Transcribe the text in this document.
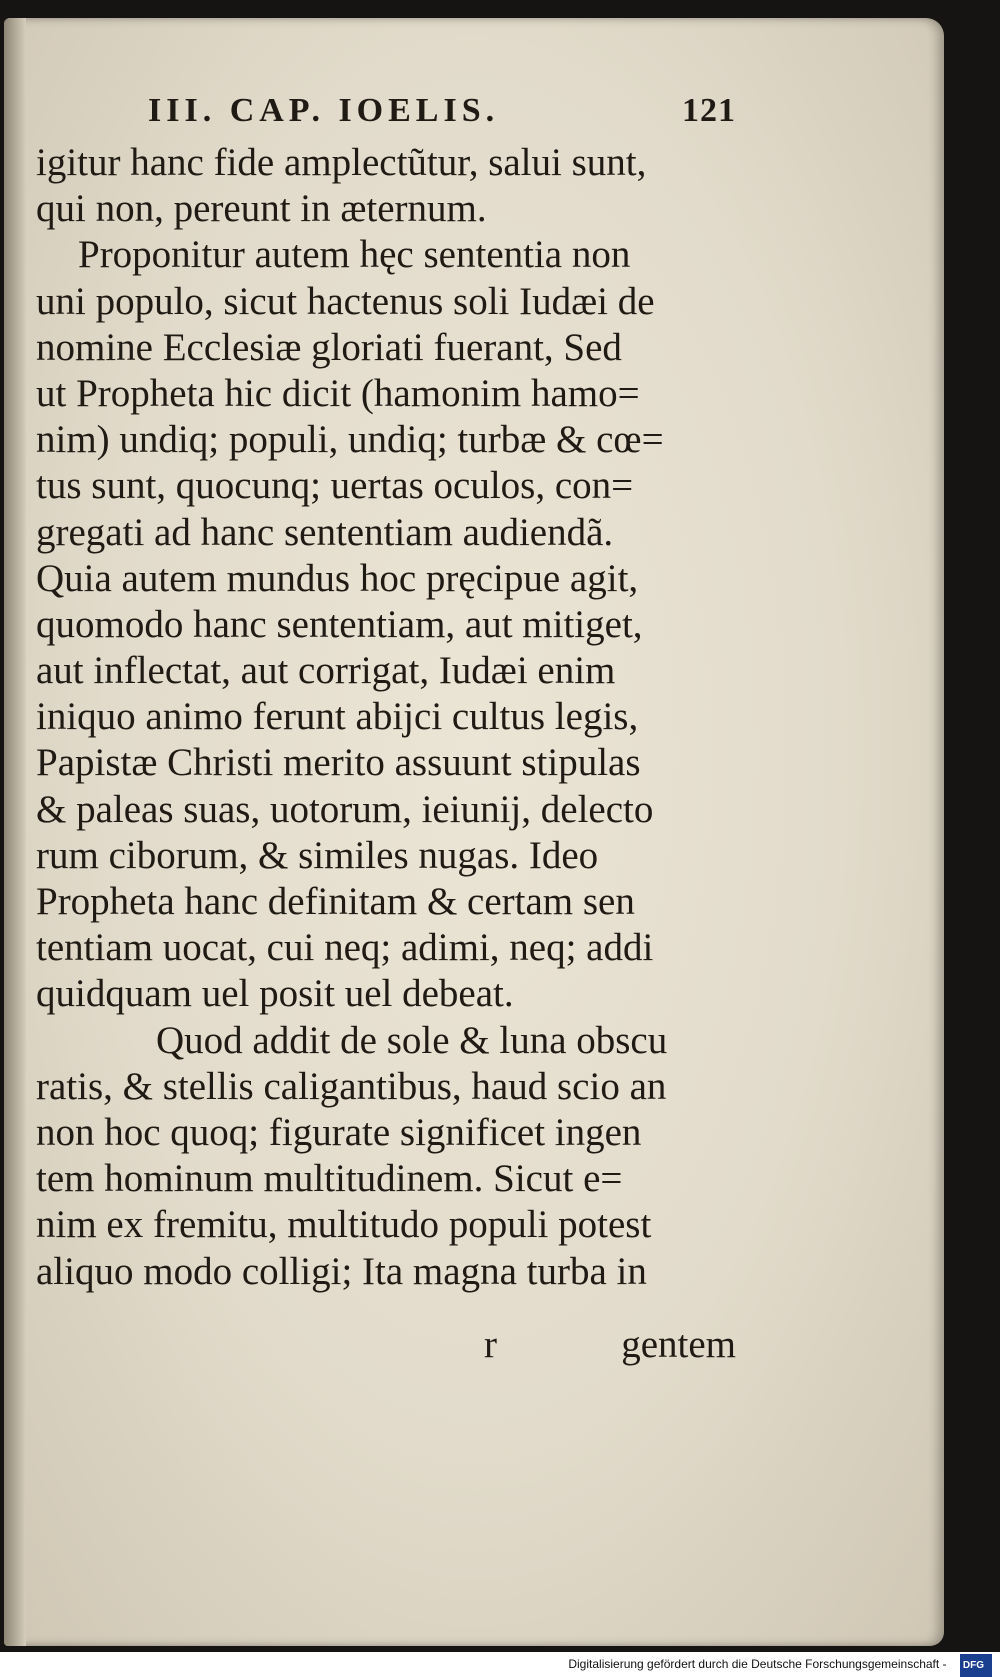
III. CAP. IOELIS.	121
igitur hanc fide amplectũtur, salui sunt,
qui non, pereunt in æternum.
Proponitur autem hęc sententia non
uni populo, sicut hactenus soli Iudæi de
nomine Ecclesiæ gloriati fuerant, Sed
ut Propheta hic dicit (hamonim hamo=
nim) undiq; populi, undiq; turbæ & cœ=
tus sunt, quocunq; uertas oculos, con=
gregati ad hanc sententiam audiendã.
Quia autem mundus hoc pręcipue agit,
quomodo hanc sententiam, aut mitiget,
aut inflectat, aut corrigat, Iudæi enim
iniquo animo ferunt abijci cultus legis,
Papistæ Christi merito assuunt stipulas
& paleas suas, uotorum, ieiunij, delecto
rum ciborum, & similes nugas. Ideo
Propheta hanc definitam & certam sen
tentiam uocat, cui neq; adimi, neq; addi
quidquam uel posit uel debeat.
Quod addit de sole & luna obscu
ratis, & stellis caligantibus, haud scio an
non hoc quoq; figurate significet ingen
tem hominum multitudinem. Sicut e=
nim ex fremitu, multitudo populi potest
aliquo modo colligi; Ita magna turba in
r	gentem
Digitalisierung gefördert durch die Deutsche Forschungsgemeinschaft - DFG
